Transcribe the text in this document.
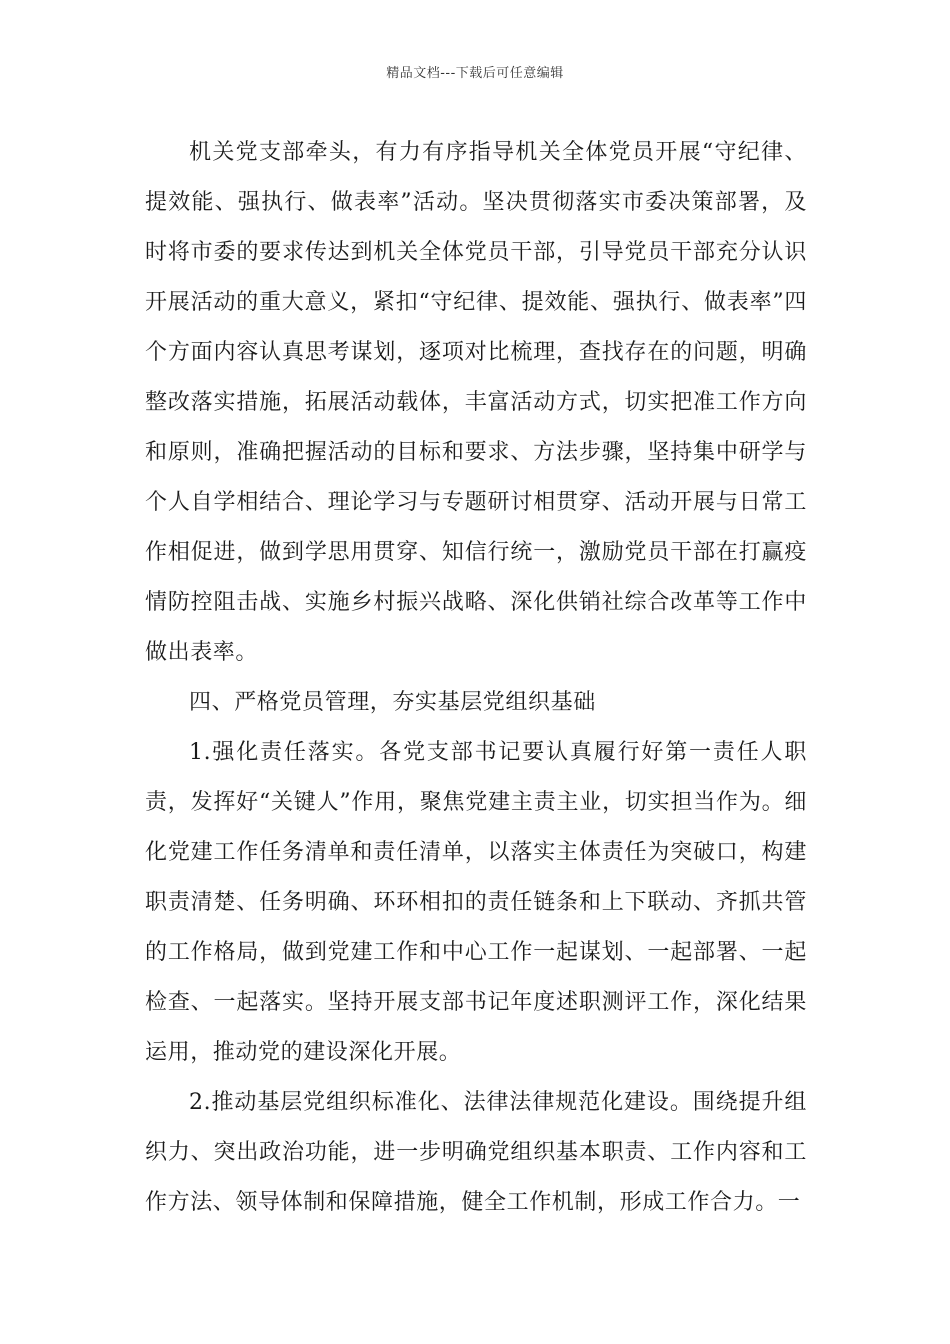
精品文档---下载后可任意编辑

机关党支部牵头，有力有序指导机关全体党员开展“守纪律、提效能、强执行、做表率”活动。坚决贯彻落实市委决策部署，及时将市委的要求传达到机关全体党员干部，引导党员干部充分认识开展活动的重大意义，紧扣“守纪律、提效能、强执行、做表率”四个方面内容认真思考谋划，逐项对比梳理，查找存在的问题，明确整改落实措施，拓展活动载体，丰富活动方式，切实把准工作方向和原则，准确把握活动的目标和要求、方法步骤，坚持集中研学与个人自学相结合、理论学习与专题研讨相贯穿、活动开展与日常工作相促进，做到学思用贯穿、知信行统一，激励党员干部在打赢疫情防控阻击战、实施乡村振兴战略、深化供销社综合改革等工作中做出表率。

四、严格党员管理，夯实基层党组织基础

1.强化责任落实。各党支部书记要认真履行好第一责任人职责，发挥好“关键人”作用，聚焦党建主责主业，切实担当作为。细化党建工作任务清单和责任清单，以落实主体责任为突破口，构建职责清楚、任务明确、环环相扣的责任链条和上下联动、齐抓共管的工作格局，做到党建工作和中心工作一起谋划、一起部署、一起检查、一起落实。坚持开展支部书记年度述职测评工作，深化结果运用，推动党的建设深化开展。

2.推动基层党组织标准化、法律法律规范化建设。围绕提升组织力、突出政治功能，进一步明确党组织基本职责、工作内容和工作方法、领导体制和保障措施，健全工作机制，形成工作合力。一
